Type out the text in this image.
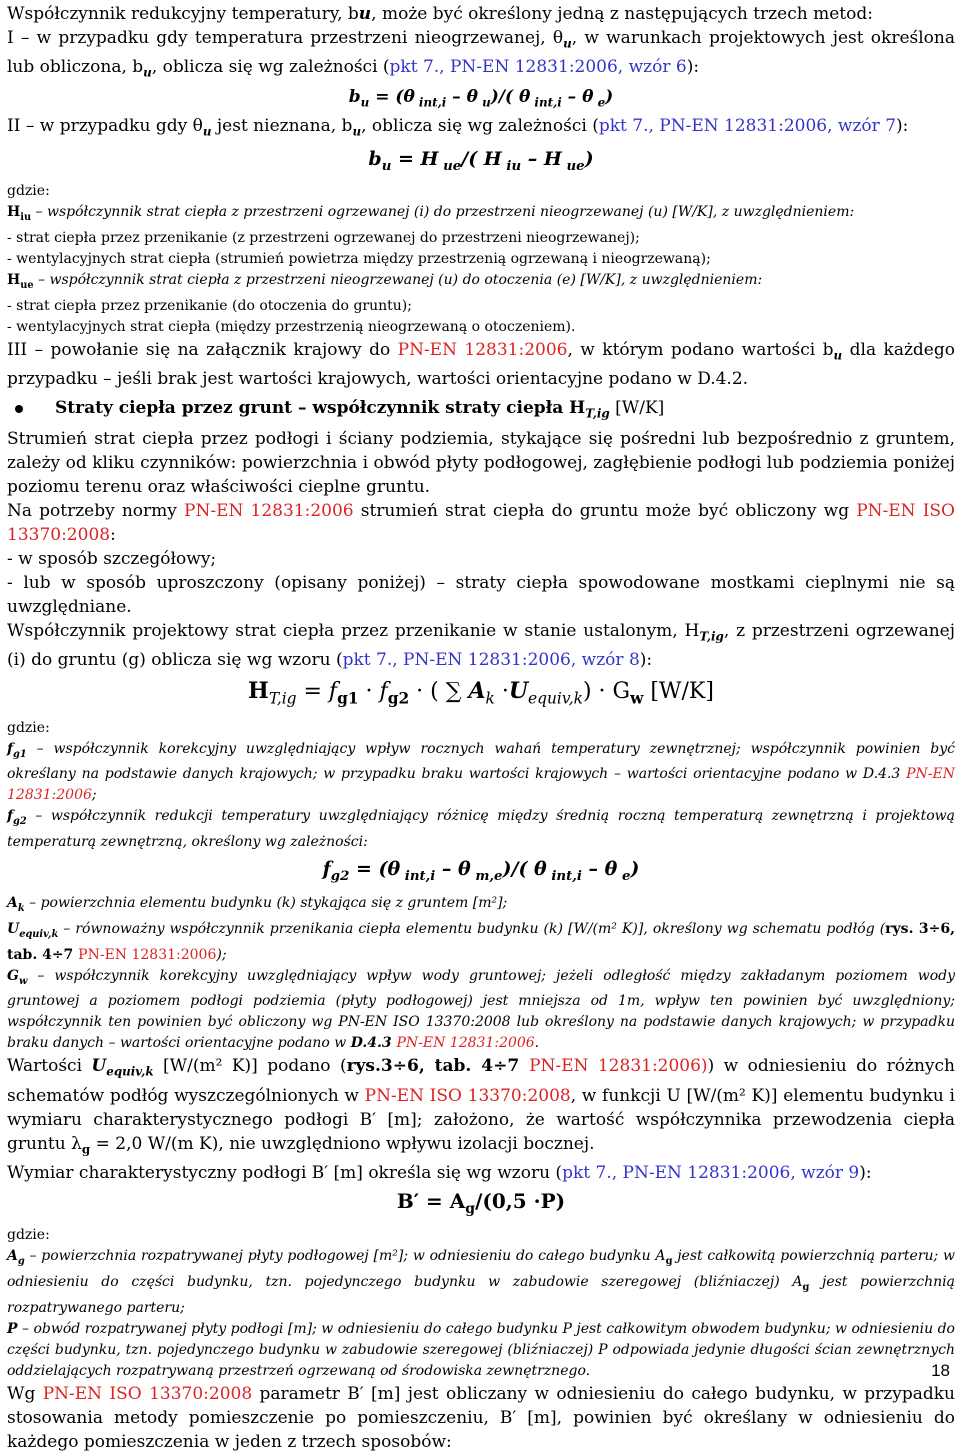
Współczynnik redukcyjny temperatury, bu, może być określony jedną z następujących trzech metod:

I – w przypadku gdy temperatura przestrzeni nieogrzewanej, $\theta_u$, w warunkach projektowych jest określona lub obliczona, $b_u$, oblicza się wg zależności (pkt 7., PN-EN 12831:2006, wzór 6):

$b_u = (\theta$ $_{int,i}$ – θ $_u$)/( θ $_{int,i}$ – θ $_e$)

II – w przypadku gdy $\theta_u$ jest nieznana, $b_u$, oblicza się wg zależności (pkt 7., PN-EN 12831:2006, wzór 7):

$b_u = H$ $_{ue}$/( H $_{iu}$ – H $_{ue}$)

gdzie:

$H_{iu}$ – współczynnik strat ciepła z przestrzeni ogrzewanej (i) do przestrzeni nieogrzewanej (u) [W/K], z uwzględnieniem:

- strat ciepła przez przenikanie (z przestrzeni ogrzewanej do przestrzeni nieogrzewanej);

- wentylacyjnych strat ciepła (strumień powietrza między przestrzenią ogrzewaną i nieogrzewaną);

$H_{ue}$ – współczynnik strat ciepła z przestrzeni nieogrzewanej (u) do otoczenia (e) [W/K], z uwzględnieniem:

- strat ciepła przez przenikanie (do otoczenia do gruntu);

- wentylacyjnych strat ciepła (między przestrzenią nieogrzewaną o otoczeniem).

III – powołanie się na załącznik krajowy do PN-EN 12831:2006, w którym podano wartości $b_u$ dla każdego przypadku – jeśli brak jest wartości krajowych, wartości orientacyjne podano w D.4.2.

Straty ciepła przez grunt – współczynnik straty ciepła $H_{T,ig}$ [W/K]

Strumień strat ciepła przez podłogi i ściany podziemia, stykające się pośredni lub bezpośrednio z gruntem, zależy od kliku czynników: powierzchnia i obwód płyty podłogowej, zagłębienie podłogi lub podziemia poniżej poziomu terenu oraz właściwości cieplne gruntu.

Na potrzeby normy PN-EN 12831:2006 strumień strat ciepła do gruntu może być obliczony wg PN-EN ISO 13370:2008:

- w sposób szczegółowy;

- lub w sposób uproszczony (opisany poniżej) – straty ciepła spowodowane mostkami cieplnymi nie są uwzględniane.

Współczynnik projektowy strat ciepła przez przenikanie w stanie ustalonym, $H_{T,ig}$, z przestrzeni ogrzewanej (i) do gruntu (g) oblicza się wg wzoru (pkt 7., PN-EN 12831:2006, wzór 8):

$H_{T,ig} = f_{g1} \cdot f_{g2}$ · ( ∑ $A_k \cdot U_{equiv,k}) \cdot G_w$ [W/K]

gdzie:

$f_{g1}$ – współczynnik korekcyjny uwzględniający wpływ rocznych wahań temperatury zewnętrznej; współczynnik powinien być określany na podstawie danych krajowych; w przypadku braku wartości krajowych – wartości orientacyjne podano w D.4.3 PN-EN 12831:2006;

$f_{g2}$ – współczynnik redukcji temperatury uwzględniający różnicę między średnią roczną temperaturą zewnętrzną i projektową temperaturą zewnętrzną, określony wg zależności:

$f_{g2} = (\theta$ $_{int,i}$ – θ $_{m,e}$)/( θ $_{int,i}$ – θ $_e$)

$A_k$ – powierzchnia elementu budynku (k) stykająca się z gruntem [m²];

$U_{equiv,k}$ – równoważny współczynnik przenikania ciepła elementu budynku (k) [W/(m² K)], określony wg schematu podłóg (rys. 3÷6, tab. 4÷7 PN-EN 12831:2006);

$G_w$ – współczynnik korekcyjny uwzględniający wpływ wody gruntowej; jeżeli odległość między zakładanym poziomem wody gruntowej a poziomem podłogi podziemia (płyty podłogowej) jest mniejsza od 1m, wpływ ten powinien być uwzględniony; współczynnik ten powinien być obliczony wg PN-EN ISO 13370:2008 lub określony na podstawie danych krajowych; w przypadku braku danych – wartości orientacyjne podano w D.4.3 PN-EN 12831:2006.

Wartości $U_{equiv,k}$ [W/(m² K)] podano (rys.3÷6, tab. 4÷7 PN-EN 12831:2006)) w odniesieniu do różnych schematów podłóg wyszczególnionych w PN-EN ISO 13370:2008, w funkcji U [W/(m² K)] elementu budynku i wymiaru charakterystycznego podłogi B′ [m]; założono, że wartość współczynnika przewodzenia ciepła gruntu $\lambda_g = 2,0$ W/(m K), nie uwzględniono wpływu izolacji bocznej.

Wymiar charakterystyczny podłogi B′ [m] określa się wg wzoru (pkt 7., PN-EN 12831:2006, wzór 9):

$B' = A_g/(0,5 \cdot P)$

gdzie:

$A_g$ – powierzchnia rozpatrywanej płyty podłogowej [m²]; w odniesieniu do całego budynku $A_g$ jest całkowitą powierzchnią parteru; w odniesieniu do części budynku, tzn. pojedynczego budynku w zabudowie szeregowej (bliźniaczej) $A_g$ jest powierzchnią rozpatrywanego parteru;

P – obwód rozpatrywanej płyty podłogi [m]; w odniesieniu do całego budynku P jest całkowitym obwodem budynku; w odniesieniu do części budynku, tzn. pojedynczego budynku w zabudowie szeregowej (bliźniaczej) P odpowiada jedynie długości ścian zewnętrznych oddzielających rozpatrywaną przestrzeń ogrzewaną od środowiska zewnętrznego.

Wg PN-EN ISO 13370:2008 parametr B′ [m] jest obliczany w odniesieniu do całego budynku, w przypadku stosowania metody pomieszczenie po pomieszczeniu, B′ [m], powinien być określany w odniesieniu do każdego pomieszczenia w jeden z trzech sposobów:

18
